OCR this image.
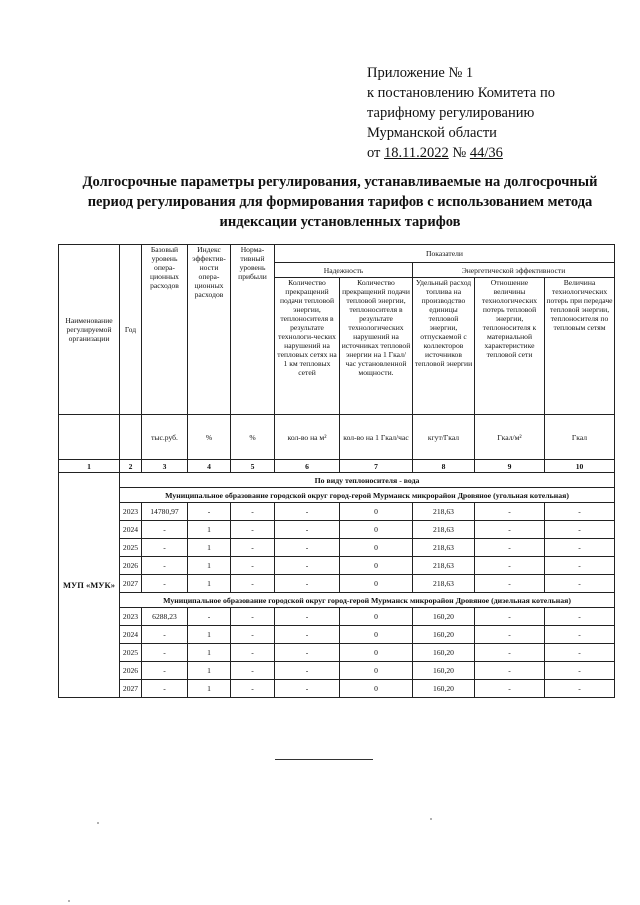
Приложение № 1
к постановлению Комитета по
тарифному регулированию
Мурманской области
от 18.11.2022 № 44/36
Долгосрочные параметры регулирования, устанавливаемые на долгосрочный период регулирования для формирования тарифов с использованием метода индексации установленных тарифов
Наименование регулируемой организации	Год	Базовый уровень опера-ционных расходов	Индекс эффектив-ности опера-ционных расходов	Норма-тивный уровень прибыли	Показатели				
					Надежность		Энергетической эффективности		
					Количество прекращений подачи тепловой энергии, теплоносителя в результате технологи-ческих нарушений на тепловых сетях на 1 км тепловых сетей	Количество прекращений подачи тепловой энергии, теплоносителя в результате технологических нарушений на источниках тепловой энергии на 1 Гкал/час установленной мощности.	Удельный расход топлива на производство единицы тепловой энергии, отпускаемой с коллекторов источников тепловой энергии	Отношение величины технологических потерь тепловой энергии, теплоносителя к материальной характеристике тепловой сети	Величина технологических потерь при передаче тепловой энергии, теплоносителя по тепловым сетям
		тыс.руб.	%	%	кол-во на м²	кол-во на 1 Гкал/час	кгут/Гкал	Гкал/м²	Гкал
1	2	3	4	5	6	7	8	9	10
МУП «МУК»	По виду теплоносителя - вода								
	Муниципальное образование городской округ город-герой Мурманск микрорайон Дровяное (угольная котельная)								
	2023	14780,97	-	-	-	0	218,63	-	-
	2024	-	1	-	-	0	218,63	-	-
	2025	-	1	-	-	0	218,63	-	-
	2026	-	1	-	-	0	218,63	-	-
	2027	-	1	-	-	0	218,63	-	-
	Муниципальное образование городской округ город-герой Мурманск микрорайон Дровяное (дизельная котельная)								
	2023	6288,23	-	-	-	0	160,20	-	-
	2024	-	1	-	-	0	160,20	-	-
	2025	-	1	-	-	0	160,20	-	-
	2026	-	1	-	-	0	160,20	-	-
	2027	-	1	-	-	0	160,20	-	-
